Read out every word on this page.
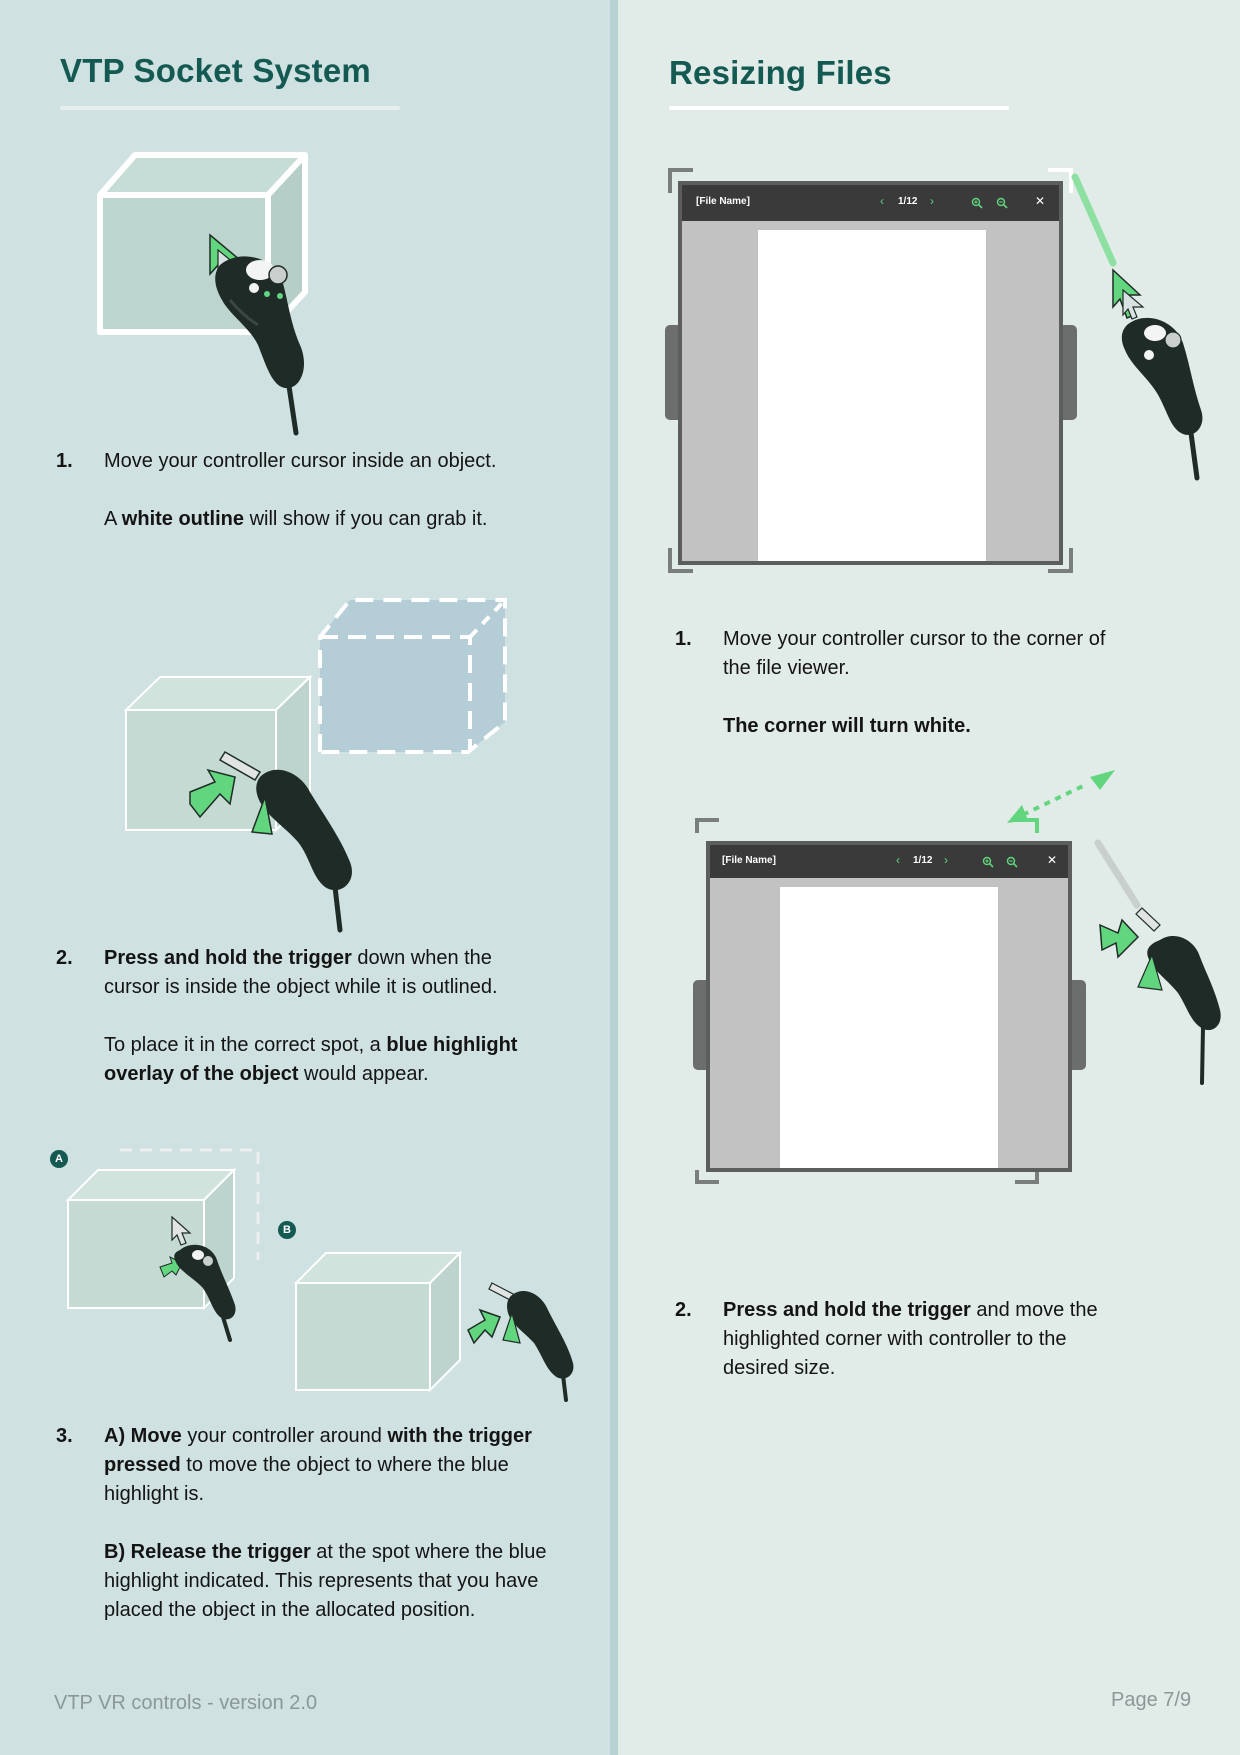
VTP Socket System
1. Move your controller cursor inside an object.

A white outline will show if you can grab it.

2. Press and hold the trigger down when the cursor is inside the object while it is outlined.

To place it in the correct spot, a blue highlight overlay of the object would appear.

A
B
3. A) Move your controller around with the trigger pressed to move the object to where the blue highlight is.

B) Release the trigger at the spot where the blue highlight indicated. This represents that you have placed the object in the allocated position.

VTP VR controls - version 2.0
Resizing Files
[File Name]	‹ 1/12 ›	✕
1. Move your controller cursor to the corner of the file viewer.

The corner will turn white.

[File Name]	‹ 1/12 ›	✕
2. Press and hold the trigger and move the highlighted corner with controller to the desired size.

Page 7/9
